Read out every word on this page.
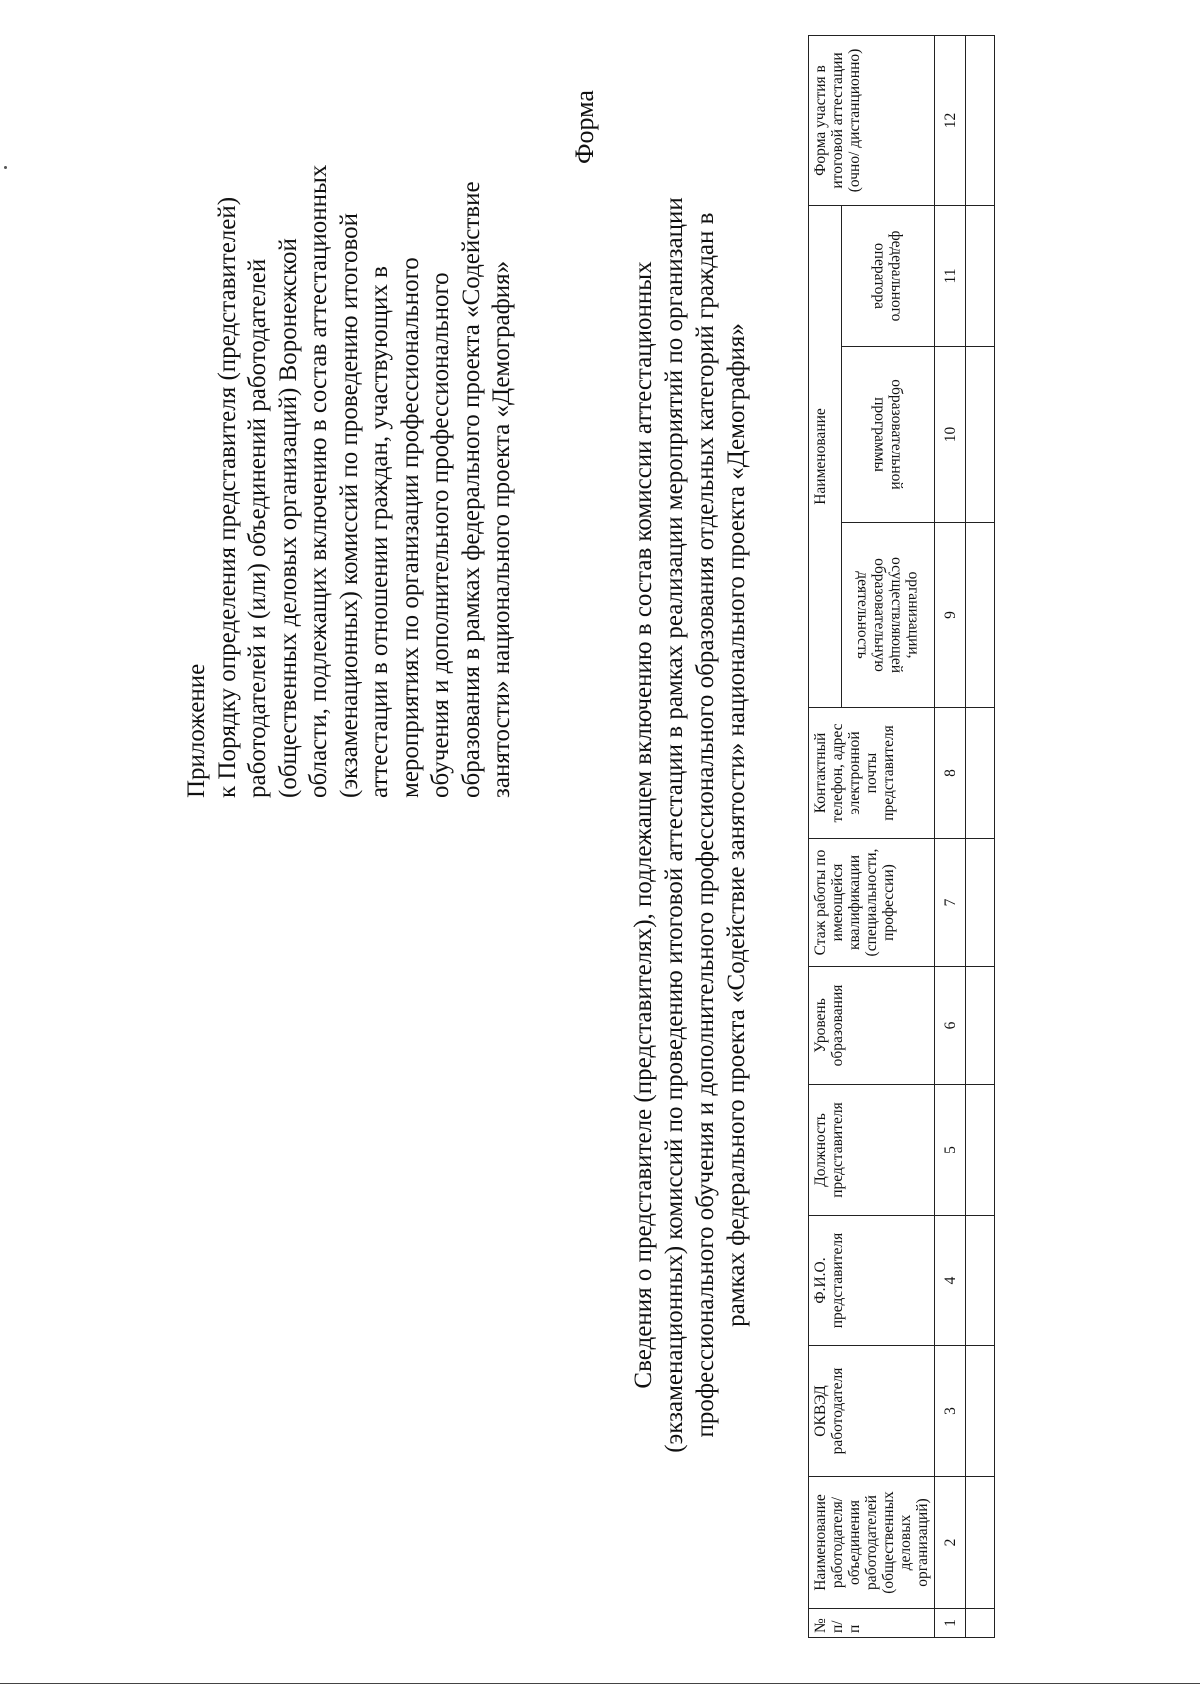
Приложение к Порядку определения представителя (представителей) работодателей и (или) объединений работодателей (общественных деловых организаций) Воронежской области, подлежащих включению в состав аттестационных (экзаменационных) комиссий по проведению итоговой аттестации в отношении граждан, участвующих в мероприятиях по организации профессионального обучения и дополнительного профессионального образования в рамках федерального проекта «Содействие занятости» национального проекта «Демография»

Форма
Сведения о представителе (представителях), подлежащем включению в состав комиссии аттестационных (экзаменационных) комиссий по проведению итоговой аттестации в рамках реализации мероприятий по организации профессионального обучения и дополнительного профессионального образования отдельных категорий граждан в рамках федерального проекта «Содействие занятости» национального проекта «Демография»
№ п/ п	Наименование работодателя/ объединения работодателей (общественных деловых организаций)	ОКВЭД работодателя	Ф.И.О. представителя	Должность представителя	Уровень образования	Стаж работы по имеющейся квалификации (специальности, профессии)	Контактный телефон, адрес электронной почты представителя	Наименование			Форма участия в итоговой аттестации (очно/ дистанционно)

								организации, осуществляющей образовательную деятельность	образовательной программы	федерального оператора	

1	2	3	4	5	6	7	8	9	10	11	12
